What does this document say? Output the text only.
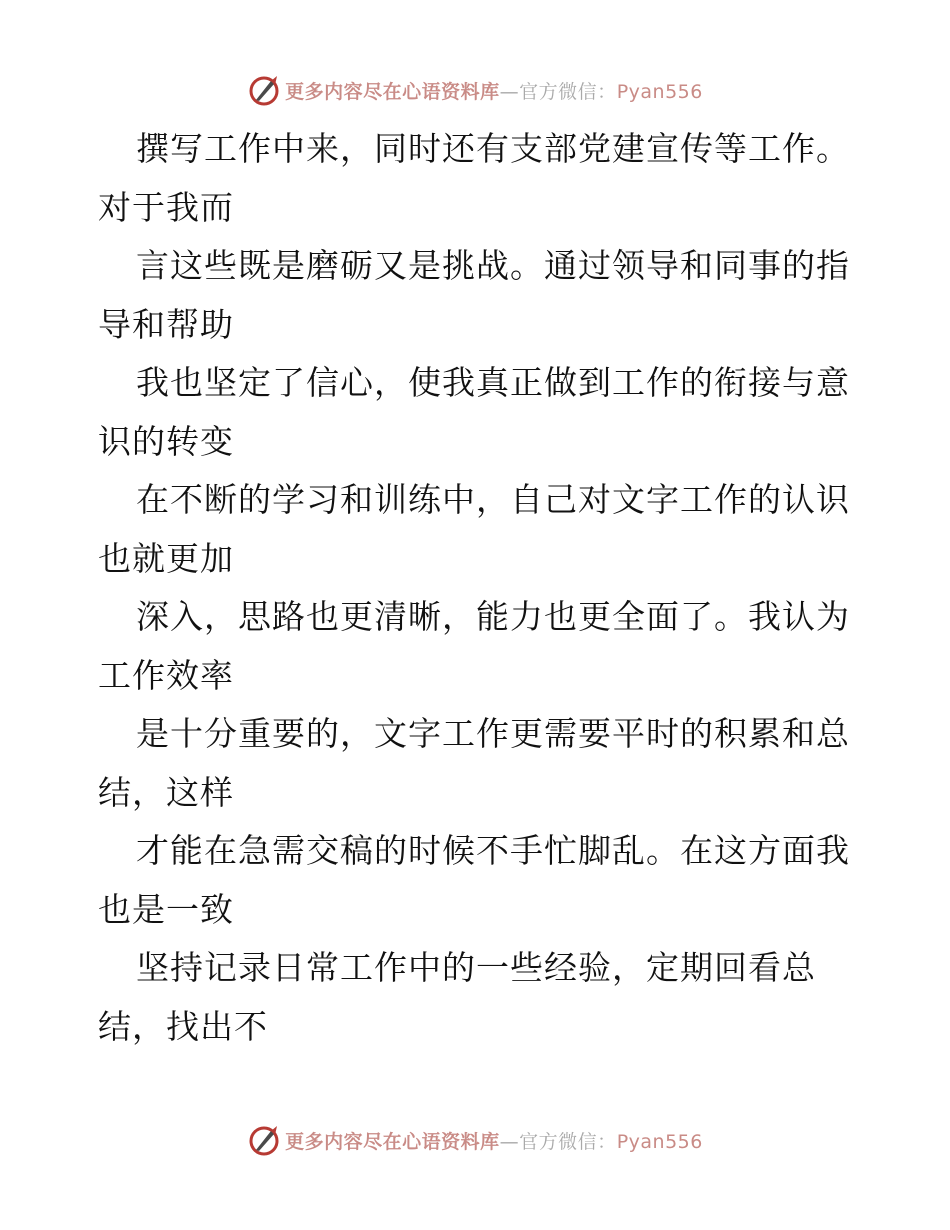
更多内容尽在心语资料库—官方微信：Pyan556

撰写工作中来，同时还有支部党建宣传等工作。对于我而

言这些既是磨砺又是挑战。通过领导和同事的指导和帮助

我也坚定了信心，使我真正做到工作的衔接与意识的转变

在不断的学习和训练中，自己对文字工作的认识也就更加

深入，思路也更清晰，能力也更全面了。我认为工作效率

是十分重要的，文字工作更需要平时的积累和总结，这样

才能在急需交稿的时候不手忙脚乱。在这方面我也是一致

坚持记录日常工作中的一些经验，定期回看总结，找出不

更多内容尽在心语资料库—官方微信：Pyan556
